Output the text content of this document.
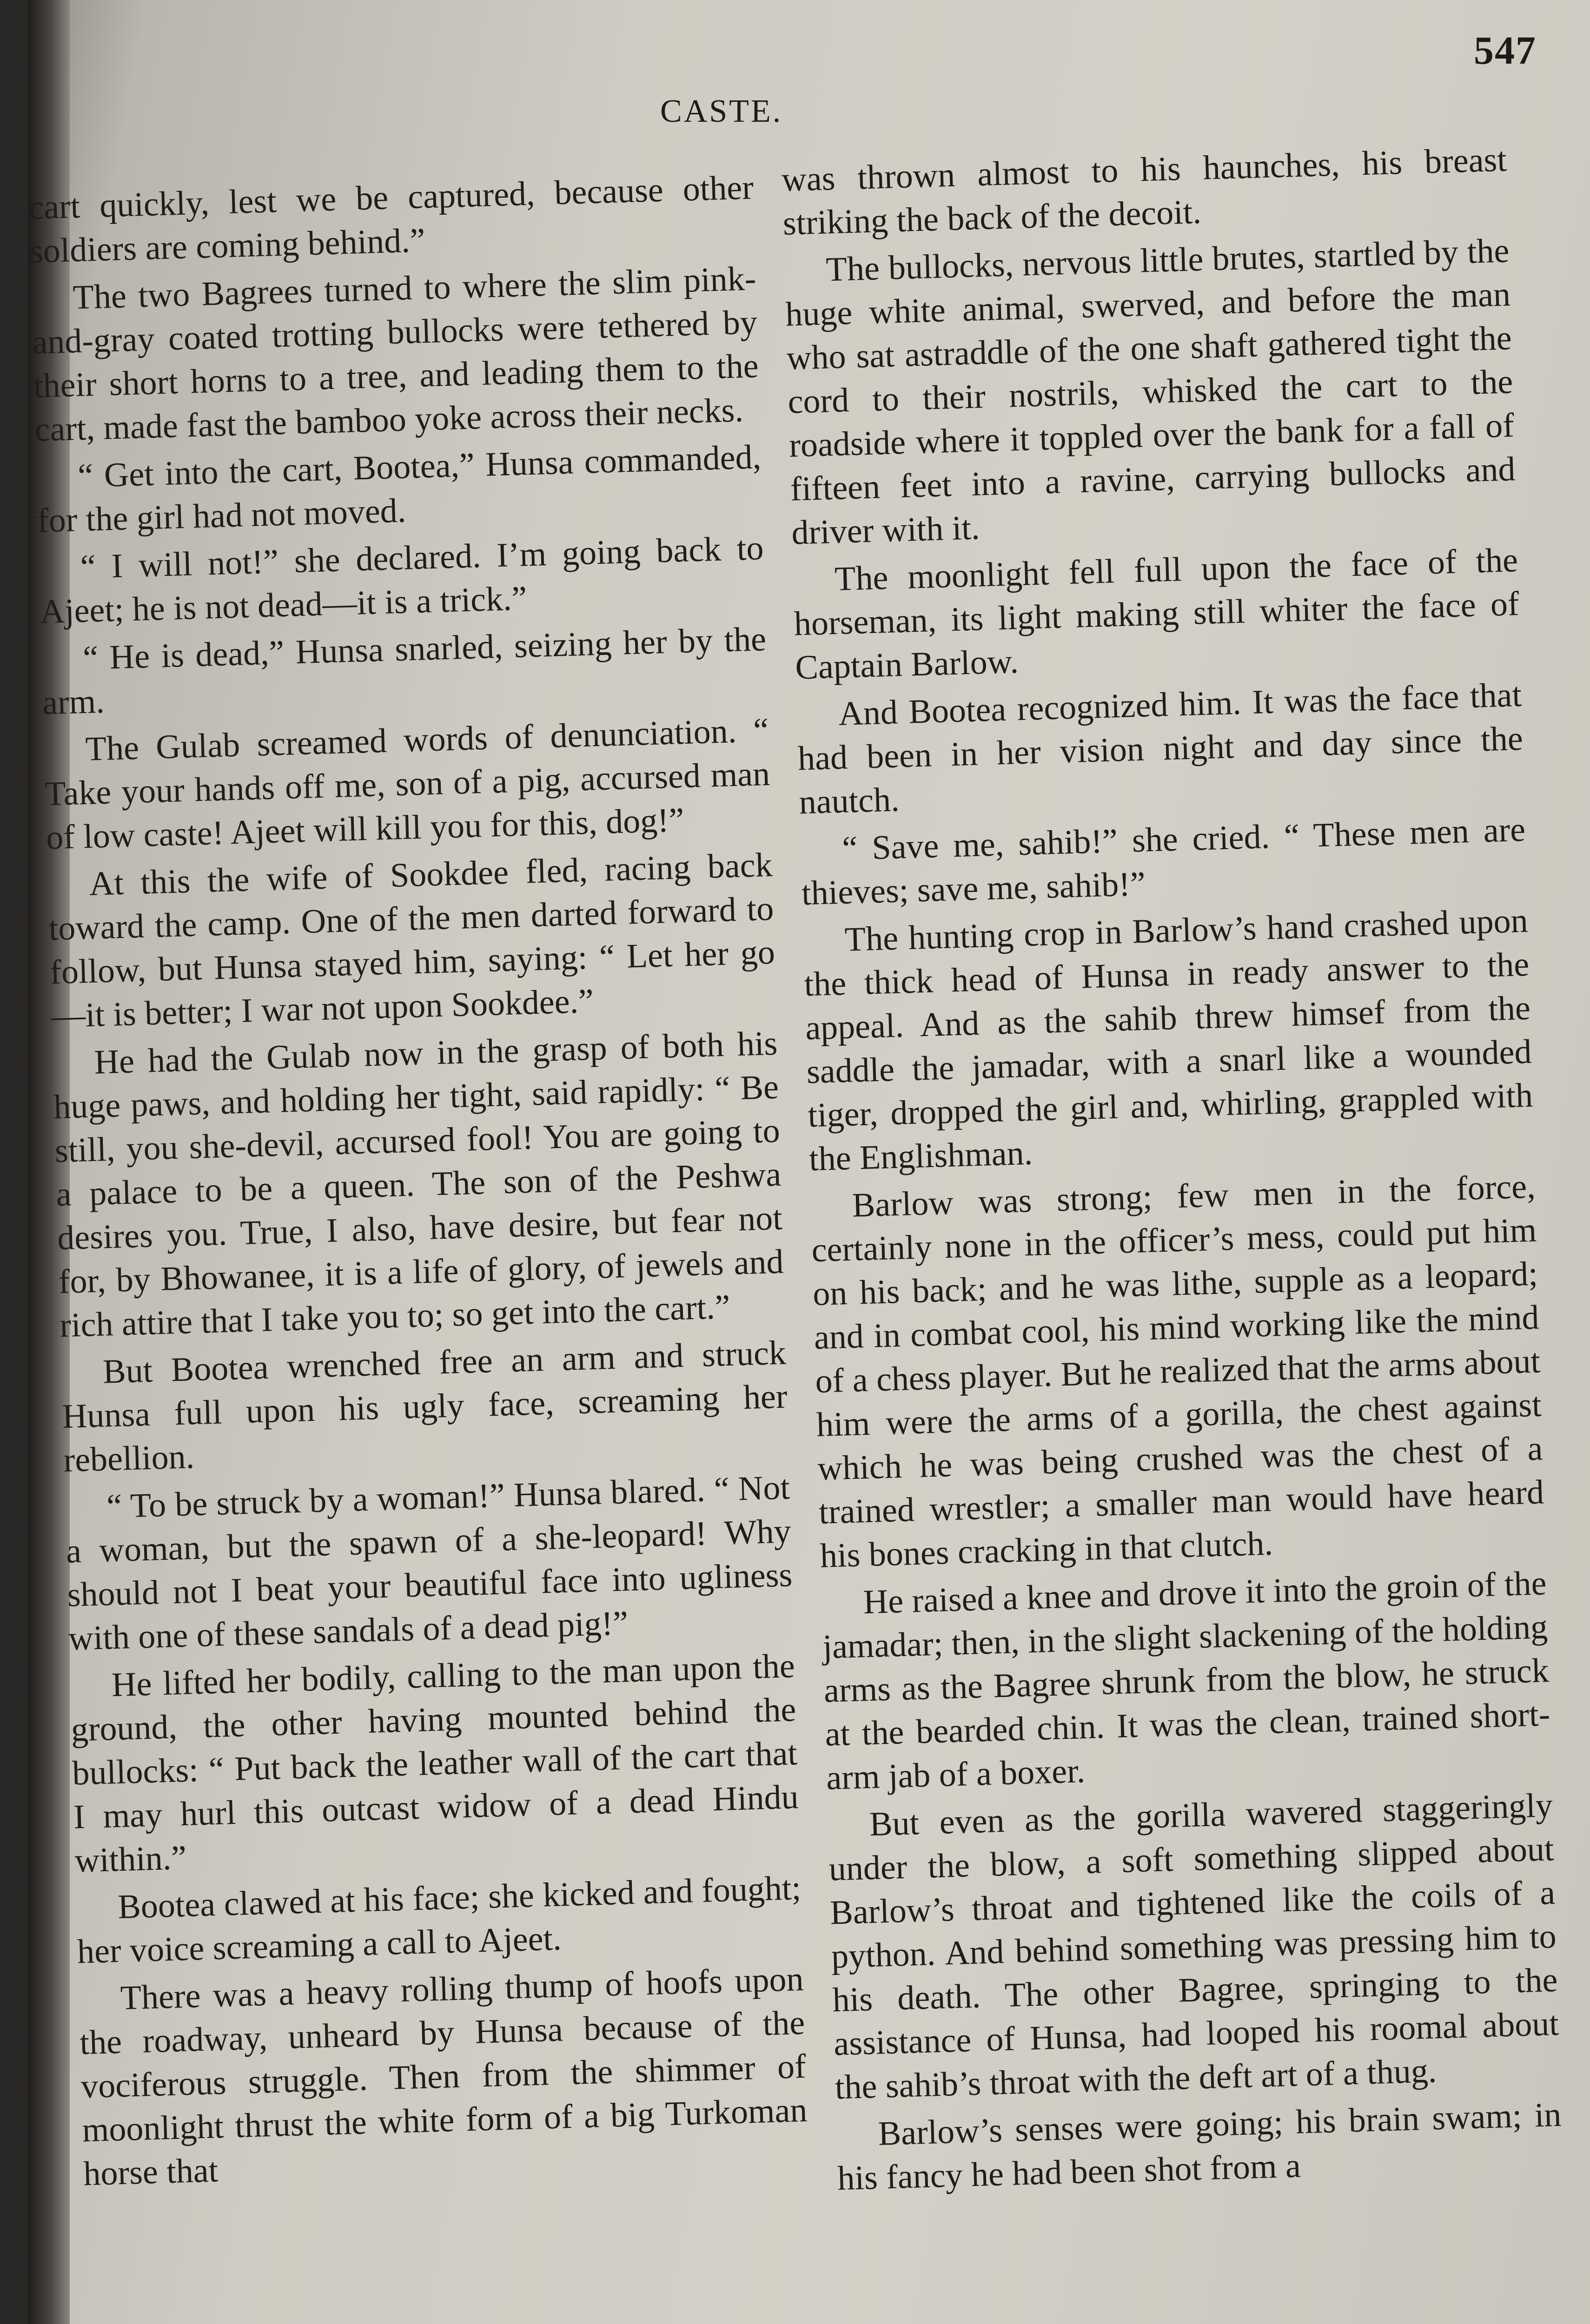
547
CASTE.

cart quickly, lest we be captured, because other soldiers are coming behind.”

The two Bagrees turned to where the slim pink-and-gray coated trotting bullocks were tethered by their short horns to a tree, and leading them to the cart, made fast the bamboo yoke across their necks.

“ Get into the cart, Bootea,” Hunsa commanded, for the girl had not moved.

“ I will not!” she declared. I’m going back to Ajeet; he is not dead—it is a trick.”

“ He is dead,” Hunsa snarled, seizing her by the arm.

The Gulab screamed words of denunciation. “ Take your hands off me, son of a pig, accursed man of low caste! Ajeet will kill you for this, dog!”

At this the wife of Sookdee fled, racing back toward the camp. One of the men darted forward to follow, but Hunsa stayed him, saying: “ Let her go—it is better; I war not upon Sookdee.”

He had the Gulab now in the grasp of both his huge paws, and holding her tight, said rapidly: “ Be still, you she-devil, accursed fool! You are going to a palace to be a queen. The son of the Peshwa desires you. True, I also, have desire, but fear not for, by Bhowanee, it is a life of glory, of jewels and rich attire that I take you to; so get into the cart.”

But Bootea wrenched free an arm and struck Hunsa full upon his ugly face, screaming her rebellion.

“ To be struck by a woman!” Hunsa blared. “ Not a woman, but the spawn of a she-leopard! Why should not I beat your beautiful face into ugliness with one of these sandals of a dead pig!”

He lifted her bodily, calling to the man upon the ground, the other having mounted behind the bullocks: “ Put back the leather wall of the cart that I may hurl this outcast widow of a dead Hindu within.”

Bootea clawed at his face; she kicked and fought; her voice screaming a call to Ajeet.

There was a heavy rolling thump of hoofs upon the roadway, unheard by Hunsa because of the vociferous struggle. Then from the shimmer of moonlight thrust the white form of a big Turkoman horse that

was thrown almost to his haunches, his breast striking the back of the decoit.

The bullocks, nervous little brutes, startled by the huge white animal, swerved, and before the man who sat astraddle of the one shaft gathered tight the cord to their nostrils, whisked the cart to the roadside where it toppled over the bank for a fall of fifteen feet into a ravine, carrying bullocks and driver with it.

The moonlight fell full upon the face of the horseman, its light making still whiter the face of Captain Barlow.

And Bootea recognized him. It was the face that had been in her vision night and day since the nautch.

“ Save me, sahib!” she cried. “ These men are thieves; save me, sahib!”

The hunting crop in Barlow’s hand crashed upon the thick head of Hunsa in ready answer to the appeal. And as the sahib threw himsef from the saddle the jamadar, with a snarl like a wounded tiger, dropped the girl and, whirling, grappled with the Englishman.

Barlow was strong; few men in the force, certainly none in the officer’s mess, could put him on his back; and he was lithe, supple as a leopard; and in combat cool, his mind working like the mind of a chess player. But he realized that the arms about him were the arms of a gorilla, the chest against which he was being crushed was the chest of a trained wrestler; a smaller man would have heard his bones cracking in that clutch.

He raised a knee and drove it into the groin of the jamadar; then, in the slight slackening of the holding arms as the Bagree shrunk from the blow, he struck at the bearded chin. It was the clean, trained short-arm jab of a boxer.

But even as the gorilla wavered staggeringly under the blow, a soft something slipped about Barlow’s throat and tightened like the coils of a python. And behind something was pressing him to his death. The other Bagree, springing to the assistance of Hunsa, had looped his roomal about the sahib’s throat with the deft art of a thug.

Barlow’s senses were going; his brain swam; in his fancy he had been shot from a
